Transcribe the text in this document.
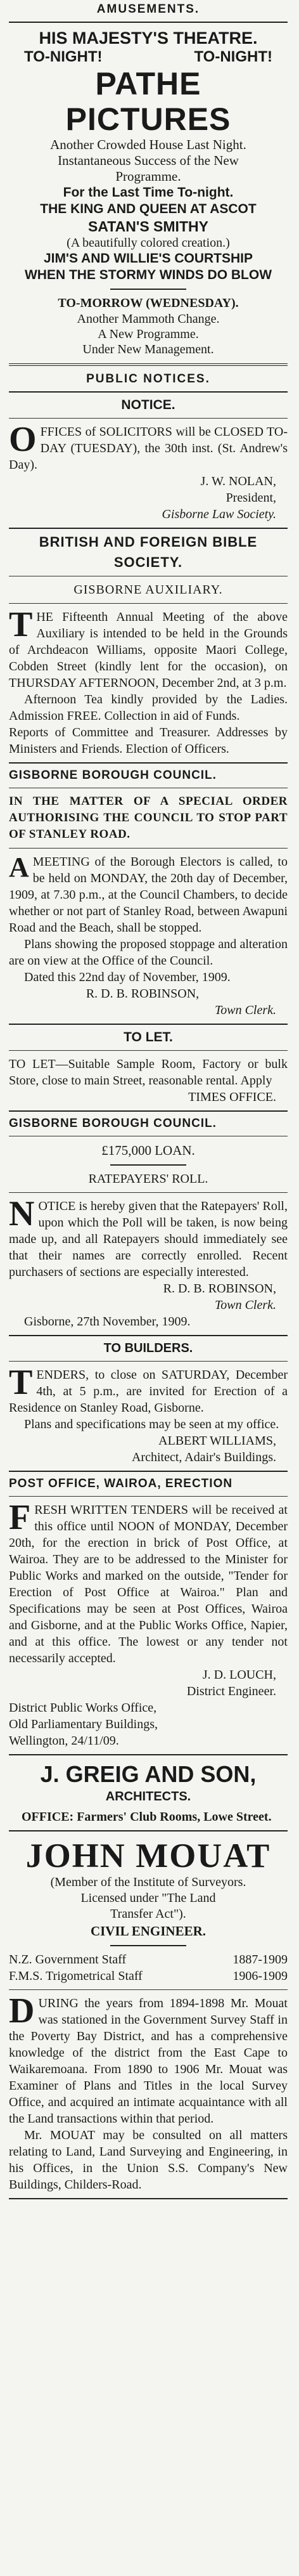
AMUSEMENTS.
HIS MAJESTY'S THEATRE.
TO-NIGHT!	TO-NIGHT!
PATHE PICTURES
Another Crowded House Last Night.
Instantaneous Success of the New
Programme.
For the Last Time To-night.
THE KING AND QUEEN AT ASCOT
SATAN'S SMITHY
(A beautifully colored creation.)
JIM'S AND WILLIE'S COURTSHIP
WHEN THE STORMY WINDS DO BLOW
TO-MORROW (WEDNESDAY).
Another Mammoth Change.
A New Programme.
Under New Management.
PUBLIC NOTICES.
NOTICE.

OFFICES of SOLICITORS will be CLOSED TO-DAY (TUESDAY), the 30th inst. (St. Andrew's Day).

J. W. NOLAN,

President,

Gisborne Law Society.

BRITISH AND FOREIGN BIBLE
SOCIETY.
GISBORNE AUXILIARY.

THE Fifteenth Annual Meeting of the above Auxiliary is intended to be held in the Grounds of Archdeacon Williams, opposite Maori College, Cobden Street (kindly lent for the occasion), on THURSDAY AFTERNOON, December 2nd, at 3 p.m.

Afternoon Tea kindly provided by the Ladies. Admission FREE. Collection in aid of Funds.

Reports of Committee and Treasurer. Addresses by Ministers and Friends. Election of Officers.

GISBORNE BOROUGH COUNCIL.

IN THE MATTER OF A SPECIAL ORDER AUTHORISING THE COUNCIL TO STOP PART OF STANLEY ROAD.

A MEETING of the Borough Electors is called, to be held on MONDAY, the 20th day of December, 1909, at 7.30 p.m., at the Council Chambers, to decide whether or not part of Stanley Road, between Awapuni Road and the Beach, shall be stopped.

Plans showing the proposed stoppage and alteration are on view at the Office of the Council.

Dated this 22nd day of November, 1909.

R. D. B. ROBINSON,

Town Clerk.

TO LET.

TO LET—Suitable Sample Room, Factory or bulk Store, close to main Street, reasonable rental. Apply

TIMES OFFICE.

GISBORNE BOROUGH COUNCIL.
£175,000 LOAN.
RATEPAYERS' ROLL.

NOTICE is hereby given that the Ratepayers' Roll, upon which the Poll will be taken, is now being made up, and all Ratepayers should immediately see that their names are correctly enrolled. Recent purchasers of sections are especially interested.

R. D. B. ROBINSON,

Town Clerk.

Gisborne, 27th November, 1909.

TO BUILDERS.

TENDERS, to close on SATURDAY, December 4th, at 5 p.m., are invited for Erection of a Residence on Stanley Road, Gisborne.

Plans and specifications may be seen at my office.

ALBERT WILLIAMS,

Architect, Adair's Buildings.

POST OFFICE, WAIROA, ERECTION

FRESH WRITTEN TENDERS will be received at this office until NOON of MONDAY, December 20th, for the erection in brick of Post Office, at Wairoa. They are to be addressed to the Minister for Public Works and marked on the outside, "Tender for Erection of Post Office at Wairoa." Plan and Specifications may be seen at Post Offices, Wairoa and Gisborne, and at the Public Works Office, Napier, and at this office. The lowest or any tender not necessarily accepted.

J. D. LOUCH,

District Engineer.

District Public Works Office,

Old Parliamentary Buildings,

Wellington, 24/11/09.

J. GREIG AND SON,
ARCHITECTS.

OFFICE: Farmers' Club Rooms, Lowe Street.

JOHN MOUAT
(Member of the Institute of Surveyors.
Licensed under "The Land
Transfer Act").
CIVIL ENGINEER.
N.Z. Government Staff	1887-1909
F.M.S. Trigometrical Staff	1906-1909

DURING the years from 1894-1898 Mr. Mouat was stationed in the Government Survey Staff in the Poverty Bay District, and has a comprehensive knowledge of the district from the East Cape to Waikaremoana. From 1890 to 1906 Mr. Mouat was Examiner of Plans and Titles in the local Survey Office, and acquired an intimate acquaintance with all the Land transactions within that period.

Mr. MOUAT may be consulted on all matters relating to Land, Land Surveying and Engineering, in his Offices, in the Union S.S. Company's New Buildings, Childers-Road.
